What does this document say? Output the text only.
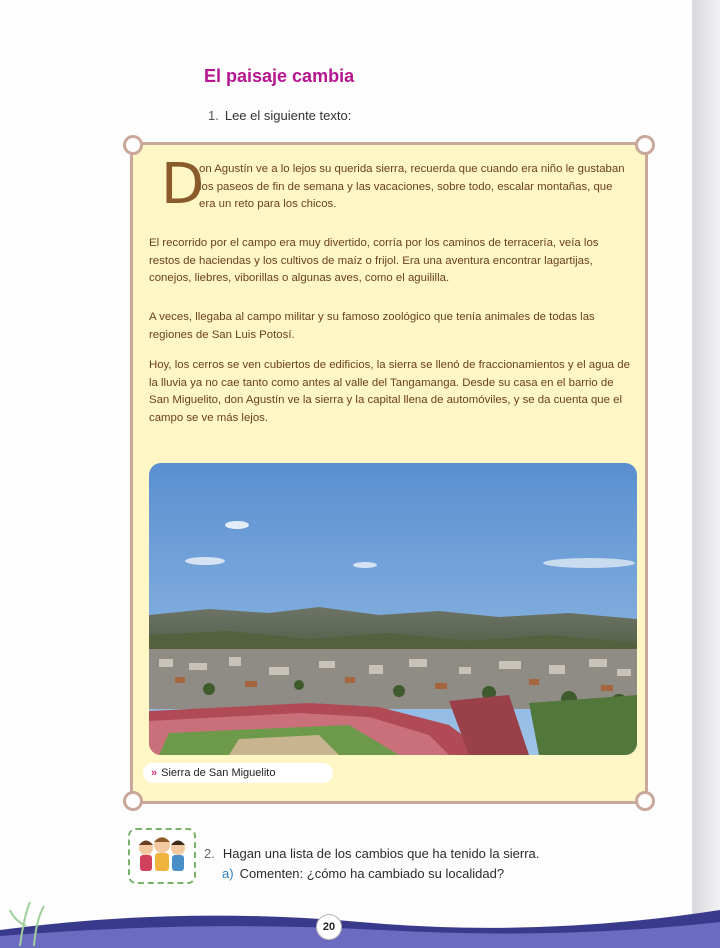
El paisaje cambia
1. Lee el siguiente texto:
D
on Agustín ve a lo lejos su querida sierra, recuerda que cuando era niño le gustaban los paseos de fin de semana y las vacaciones, sobre todo, escalar montañas, que era un reto para los chicos.
El recorrido por el campo era muy divertido, corría por los caminos de terracería, veía los restos de haciendas y los cultivos de maíz o frijol. Era una aventura encontrar lagartijas, conejos, liebres, viborillas o algunas aves, como el aguililla.
A veces, llegaba al campo militar y su famoso zoológico que tenía animales de todas las regiones de San Luis Potosí.
Hoy, los cerros se ven cubiertos de edificios, la sierra se llenó de fraccionamientos y el agua de la lluvia ya no cae tanto como antes al valle del Tangamanga. Desde su casa en el barrio de San Miguelito, don Agustín ve la sierra y la capital llena de automóviles, y se da cuenta que el campo se ve más lejos.
» Sierra de San Miguelito
2. Hagan una lista de los cambios que ha tenido la sierra.
a) Comenten: ¿cómo ha cambiado su localidad?
20
